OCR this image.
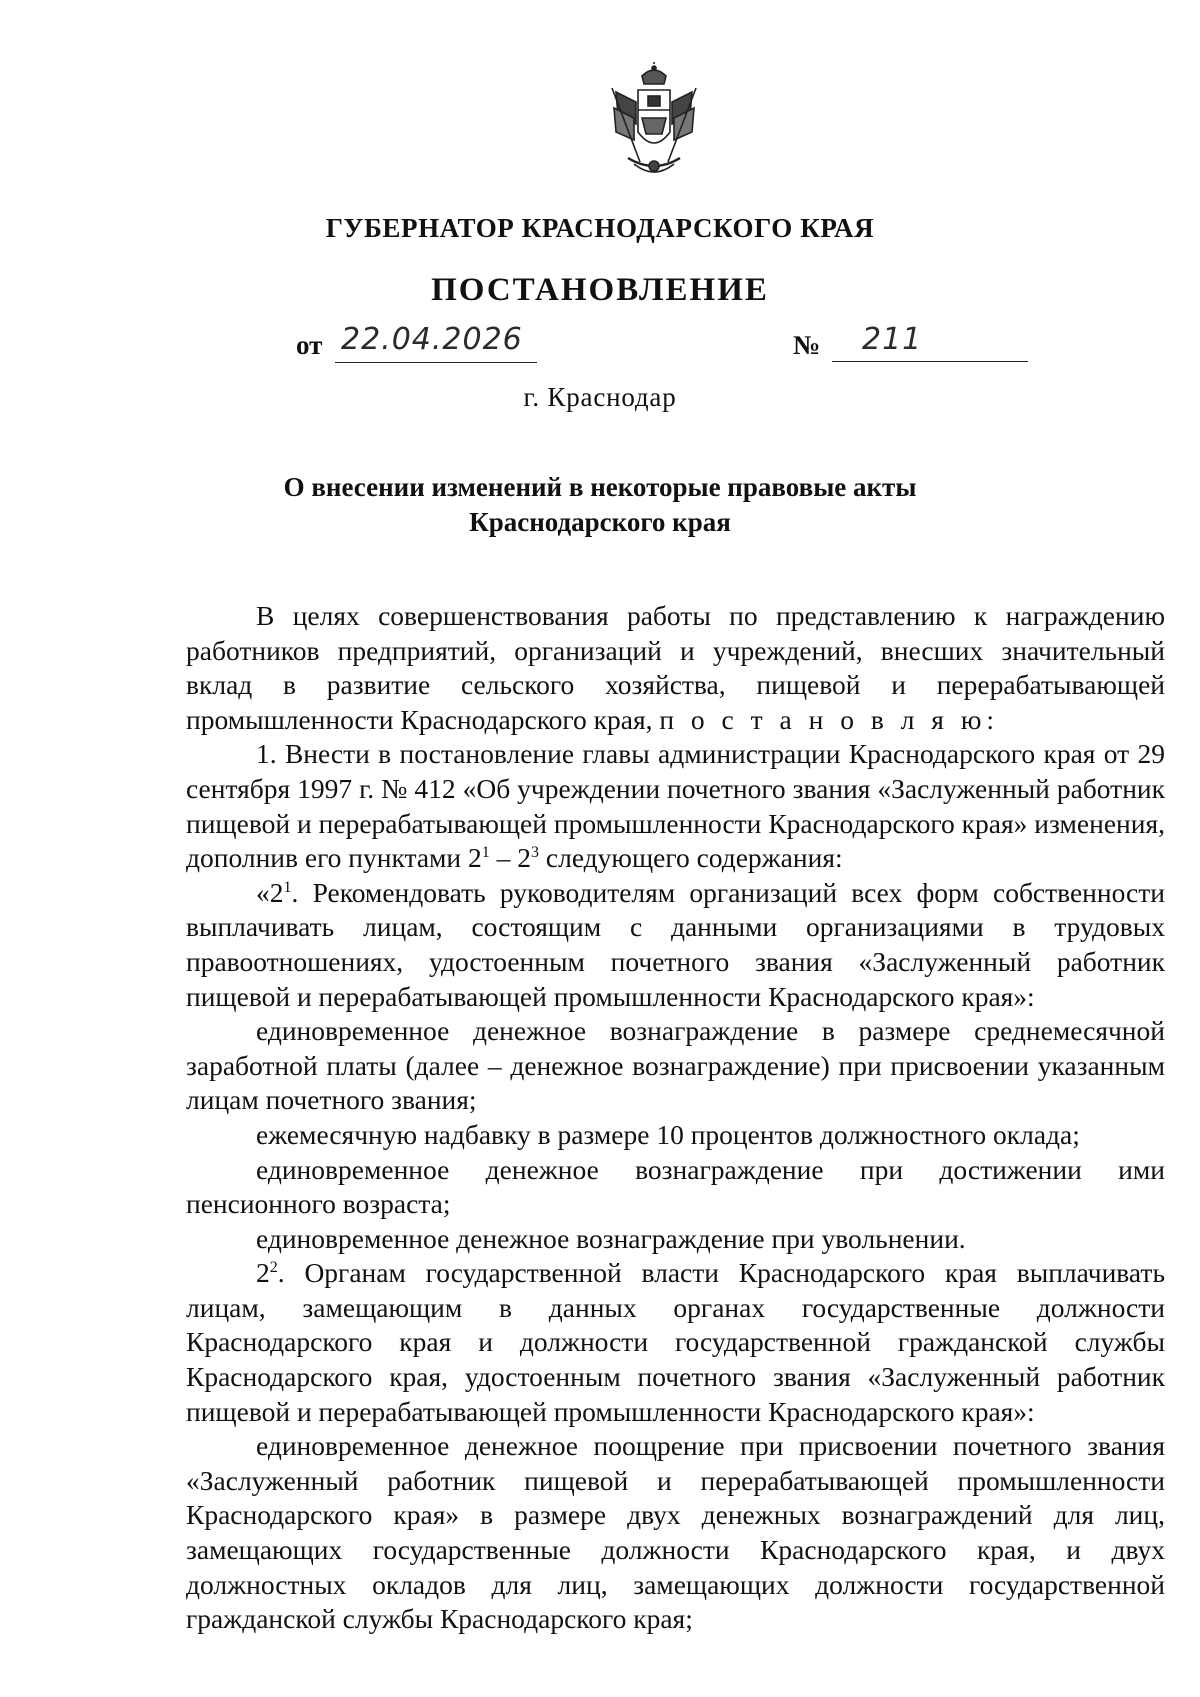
ГУБЕРНАТОР КРАСНОДАРСКОГО КРАЯ
ПОСТАНОВЛЕНИЕ
от 22.04.2026	№	211
г. Краснодар
О внесении изменений в некоторые правовые акты
Краснодарского края

В целях совершенствования работы по представлению к награждению работников предприятий, организаций и учреждений, внесших значительный вклад в развитие сельского хозяйства, пищевой и перерабатывающей промышленности Краснодарского края, п о с т а н о в л я ю:

1. Внести в постановление главы администрации Краснодарского края от 29 сентября 1997 г. № 412 «Об учреждении почетного звания «Заслуженный работник пищевой и перерабатывающей промышленности Краснодарского края» изменения, дополнив его пунктами $2^1 - 2^3$ следующего содержания:

«$2^1$. Рекомендовать руководителям организаций всех форм собственности выплачивать лицам, состоящим с данными организациями в трудовых правоотношениях, удостоенным почетного звания «Заслуженный работник пищевой и перерабатывающей промышленности Краснодарского края»:

единовременное денежное вознаграждение в размере среднемесячной заработной платы (далее – денежное вознаграждение) при присвоении указанным лицам почетного звания;

ежемесячную надбавку в размере 10 процентов должностного оклада;

единовременное денежное вознаграждение при достижении ими пенсионного возраста;

единовременное денежное вознаграждение при увольнении.

$2^2$. Органам государственной власти Краснодарского края выплачивать лицам, замещающим в данных органах государственные должности Краснодарского края и должности государственной гражданской службы Краснодарского края, удостоенным почетного звания «Заслуженный работник пищевой и перерабатывающей промышленности Краснодарского края»:

единовременное денежное поощрение при присвоении почетного звания «Заслуженный работник пищевой и перерабатывающей промышленности Краснодарского края» в размере двух денежных вознаграждений для лиц, замещающих государственные должности Краснодарского края, и двух должностных окладов для лиц, замещающих должности государственной гражданской службы Краснодарского края;
